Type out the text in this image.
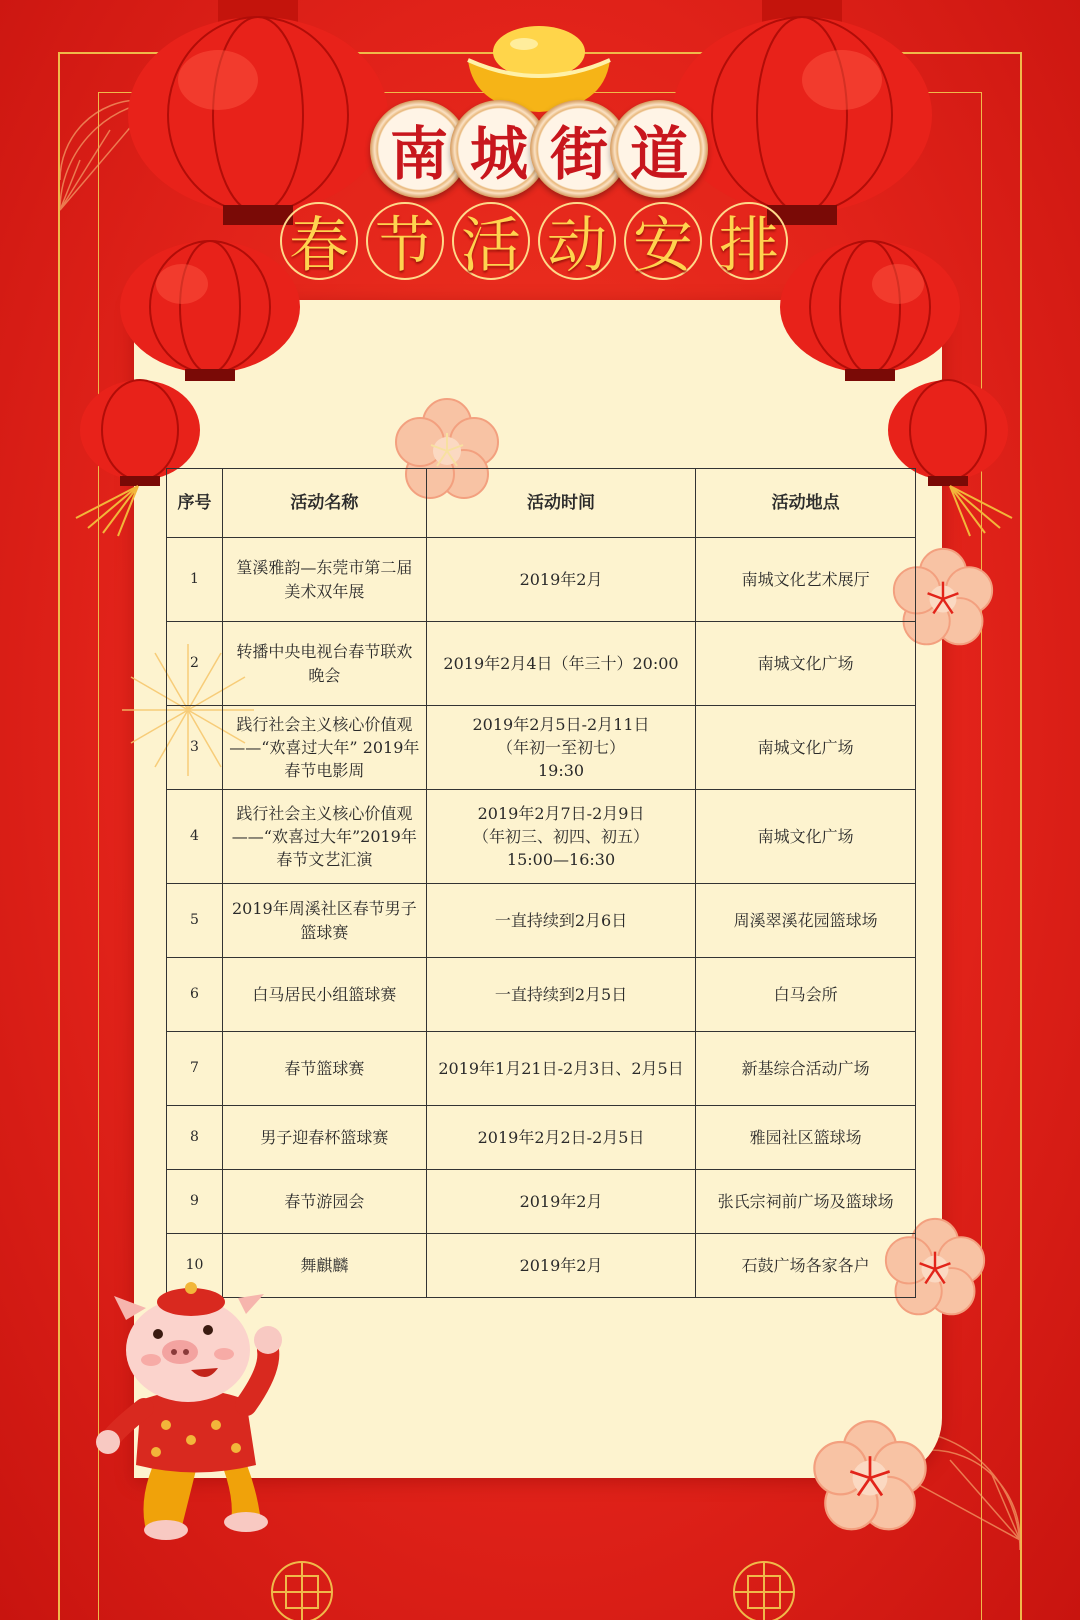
南 城 街 道
春 节 活 动 安 排
序号	活动名称	活动时间	活动地点
1	篁溪雅韵—东莞市第二届
美术双年展	2019年2月	南城文化艺术展厅
2	转播中央电视台春节联欢
晚会	2019年2月4日（年三十）20:00	南城文化广场
3	践行社会主义核心价值观
——“欢喜过大年” 2019年
春节电影周	2019年2月5日-2月11日
（年初一至初七）
19:30	南城文化广场
4	践行社会主义核心价值观
——“欢喜过大年”2019年
春节文艺汇演	2019年2月7日-2月9日
（年初三、初四、初五）
15:00—16:30	南城文化广场
5	2019年周溪社区春节男子
篮球赛	一直持续到2月6日	周溪翠溪花园篮球场
6	白马居民小组篮球赛	一直持续到2月5日	白马会所
7	春节篮球赛	2019年1月21日-2月3日、2月5日	新基综合活动广场
8	男子迎春杯篮球赛	2019年2月2日-2月5日	雅园社区篮球场
9	春节游园会	2019年2月	张氏宗祠前广场及篮球场
10	舞麒麟	2019年2月	石鼓广场各家各户
